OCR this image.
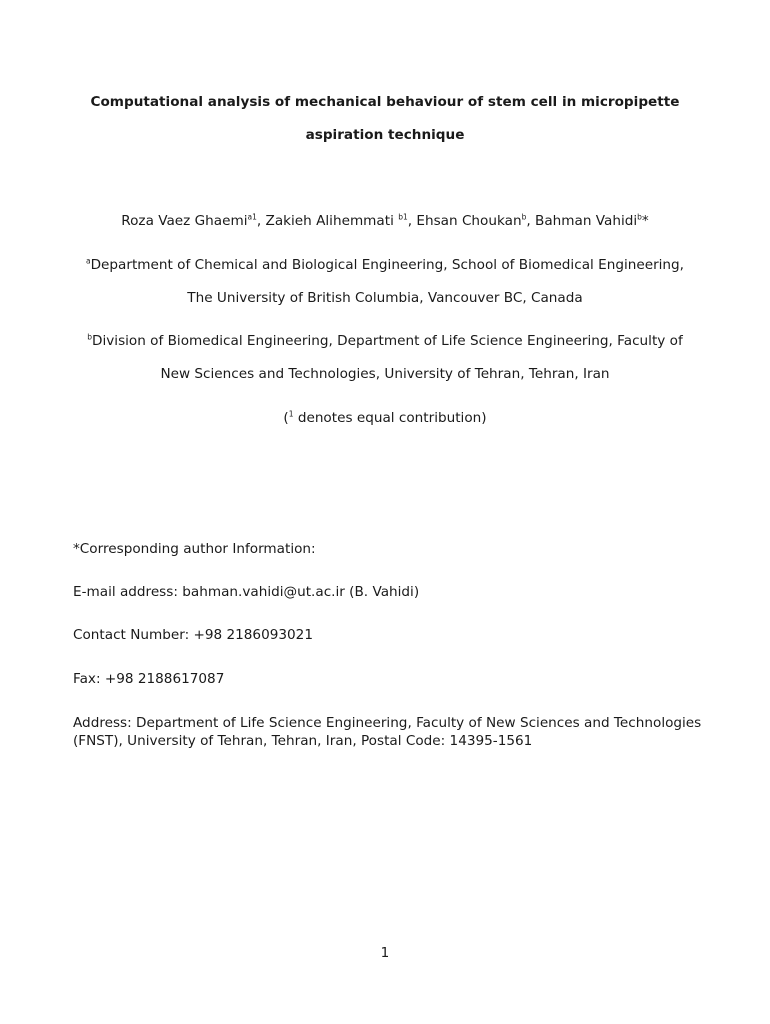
Computational analysis of mechanical behaviour of stem cell in micropipette
aspiration technique
Roza Vaez Ghaemi$^{a1}$, Zakieh Alihemmati $^{b1}$, Ehsan Choukan$^b$, Bahman Vahidi$^b$*
$^a$Department of Chemical and Biological Engineering, School of Biomedical Engineering,
The University of British Columbia, Vancouver BC, Canada
$^b$Division of Biomedical Engineering, Department of Life Science Engineering, Faculty of
New Sciences and Technologies, University of Tehran, Tehran, Iran
($^1$ denotes equal contribution)
*Corresponding author Information:
E-mail address: bahman.vahidi@ut.ac.ir (B. Vahidi)
Contact Number: +98 2186093021
Fax: +98 2188617087
Address: Department of Life Science Engineering, Faculty of New Sciences and Technologies (FNST), University of Tehran, Tehran, Iran, Postal Code: 14395-1561
1
